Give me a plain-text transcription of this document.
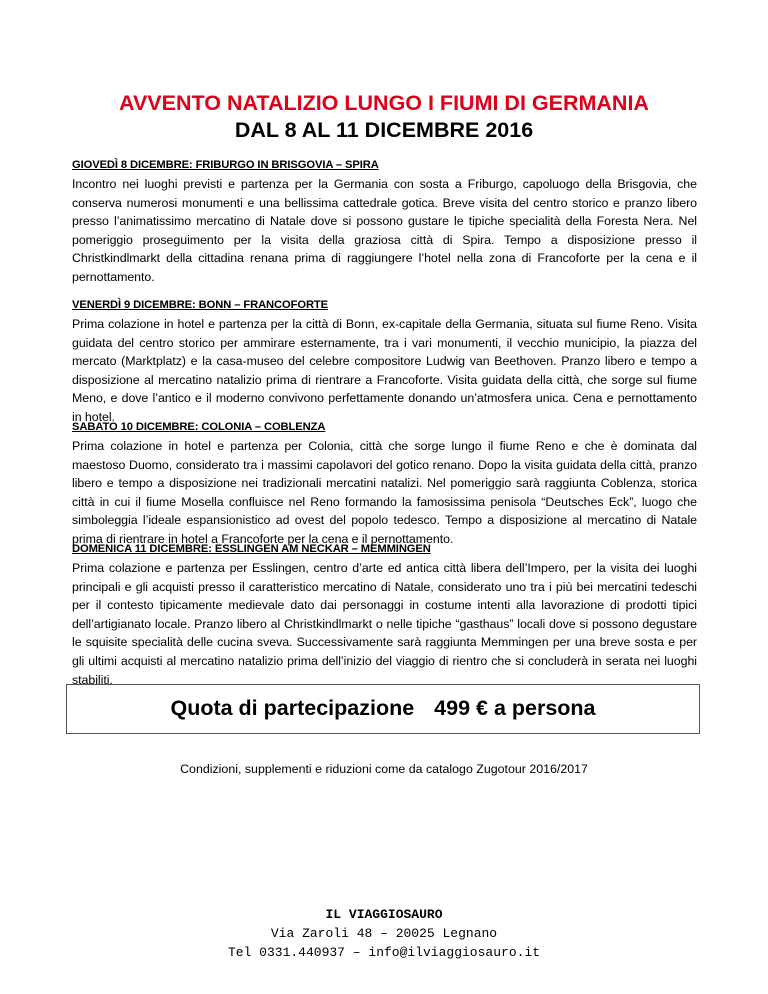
AVVENTO NATALIZIO LUNGO I FIUMI DI GERMANIA
DAL 8 AL 11 DICEMBRE 2016
GIOVEDÌ 8 DICEMBRE: FRIBURGO IN BRISGOVIA – SPIRA
Incontro nei luoghi previsti e partenza per la Germania con sosta a Friburgo, capoluogo della Brisgovia, che conserva numerosi monumenti e una bellissima cattedrale gotica. Breve visita del centro storico e pranzo libero presso l’animatissimo mercatino di Natale dove si possono gustare le tipiche specialità della Foresta Nera. Nel pomeriggio proseguimento per la visita della graziosa città di Spira. Tempo a disposizione presso il Christkindlmarkt della cittadina renana prima di raggiungere l’hotel nella zona di Francoforte per la cena e il pernottamento.
VENERDÌ 9 DICEMBRE: BONN – FRANCOFORTE
Prima colazione in hotel e partenza per la città di Bonn, ex-capitale della Germania, situata sul fiume Reno. Visita guidata del centro storico per ammirare esternamente, tra i vari monumenti, il vecchio municipio, la piazza del mercato (Marktplatz) e la casa-museo del celebre compositore Ludwig van Beethoven. Pranzo libero e tempo a disposizione al mercatino natalizio prima di rientrare a Francoforte. Visita guidata della città, che sorge sul fiume Meno, e dove l’antico e il moderno convivono perfettamente donando un’atmosfera unica. Cena e pernottamento in hotel.
SABATO 10 DICEMBRE: COLONIA – COBLENZA
Prima colazione in hotel e partenza per Colonia, città che sorge lungo il fiume Reno e che è dominata dal maestoso Duomo, considerato tra i massimi capolavori del gotico renano. Dopo la visita guidata della città, pranzo libero e tempo a disposizione nei tradizionali mercatini natalizi. Nel pomeriggio sarà raggiunta Coblenza, storica città in cui il fiume Mosella confluisce nel Reno formando la famosissima penisola “Deutsches Eck”, luogo che simboleggia l’ideale espansionistico ad ovest del popolo tedesco. Tempo a disposizione al mercatino di Natale prima di rientrare in hotel a Francoforte per la cena e il pernottamento.
DOMENICA 11 DICEMBRE: ESSLINGEN AM NECKAR – MEMMINGEN
Prima colazione e partenza per Esslingen, centro d’arte ed antica città libera dell’Impero, per la visita dei luoghi principali e gli acquisti presso il caratteristico mercatino di Natale, considerato uno tra i più bei mercatini tedeschi per il contesto tipicamente medievale dato dai personaggi in costume intenti alla lavorazione di prodotti tipici dell’artigianato locale. Pranzo libero al Christkindlmarkt o nelle tipiche “gasthaus” locali dove si possono degustare le squisite specialità delle cucina sveva. Successivamente sarà raggiunta Memmingen per una breve sosta e per gli ultimi acquisti al mercatino natalizio prima dell’inizio del viaggio di rientro che si concluderà in serata nei luoghi stabiliti.
Quota di partecipazione 499 € a persona
Condizioni, supplementi e riduzioni come da catalogo Zugotour 2016/2017
IL VIAGGIOSAURO
Via Zaroli 48 – 20025 Legnano
Tel 0331.440937 – info@ilviaggiosauro.it
